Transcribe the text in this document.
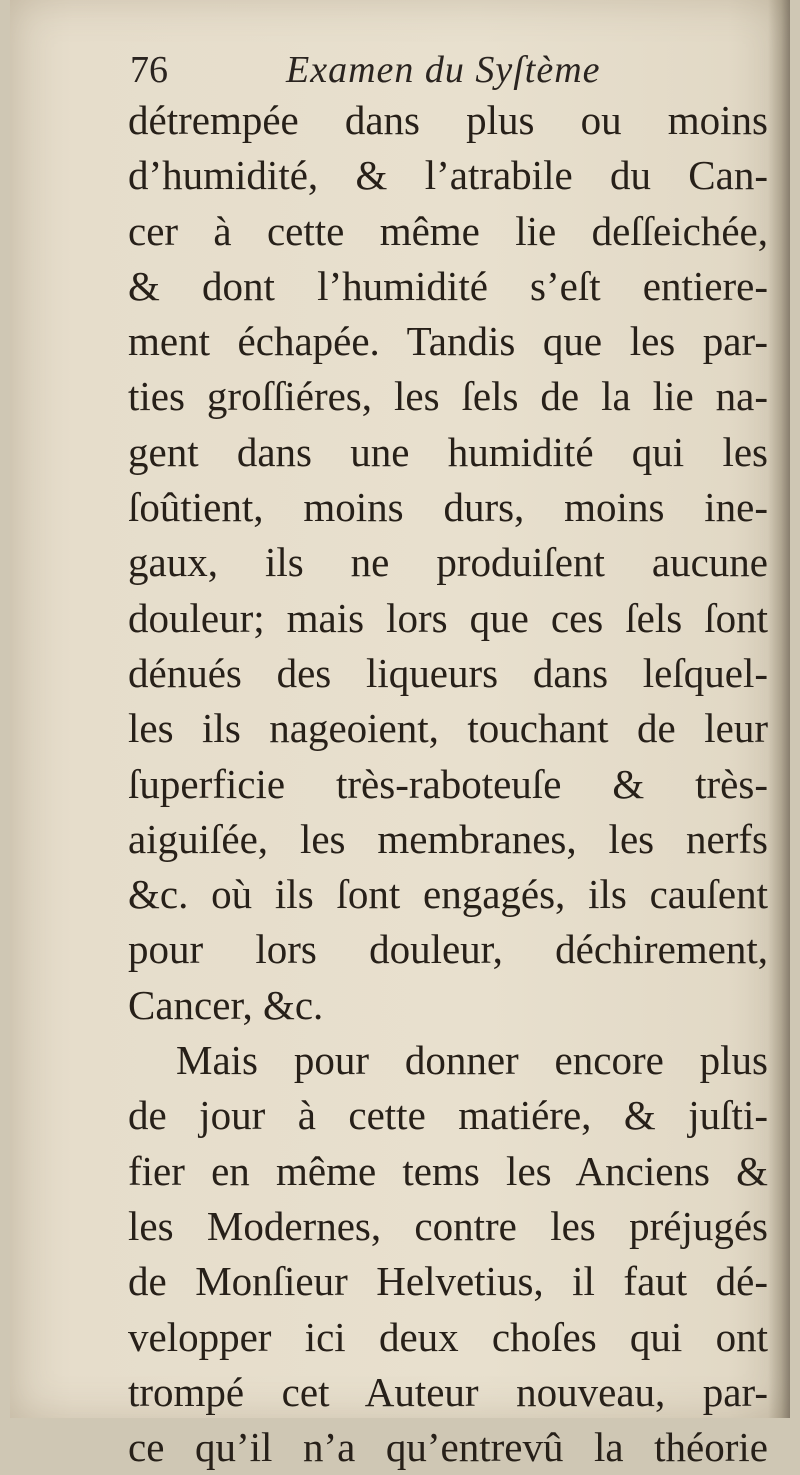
76	Examen du Syſtème
détrempée dans plus ou moins
d’humidité, & l’atrabile du Can-
cer à cette même lie deſſeichée,
& dont l’humidité s’eſt entiere-
ment échapée. Tandis que les par-
ties groſſiéres, les ſels de la lie na-
gent dans une humidité qui les
ſoûtient, moins durs, moins ine-
gaux, ils ne produiſent aucune
douleur; mais lors que ces ſels ſont
dénués des liqueurs dans leſquel-
les ils nageoient, touchant de leur
ſuperficie très-raboteuſe & très-
aiguiſée, les membranes, les nerfs
&c. où ils ſont engagés, ils cauſent
pour lors douleur, déchirement,
Cancer, &c.
Mais pour donner encore plus
de jour à cette matiére, & juſti-
fier en même tems les Anciens &
les Modernes, contre les préjugés
de Monſieur Helvetius, il faut dé-
velopper ici deux choſes qui ont
trompé cet Auteur nouveau, par-
ce qu’il n’a qu’entrevû la théorie
